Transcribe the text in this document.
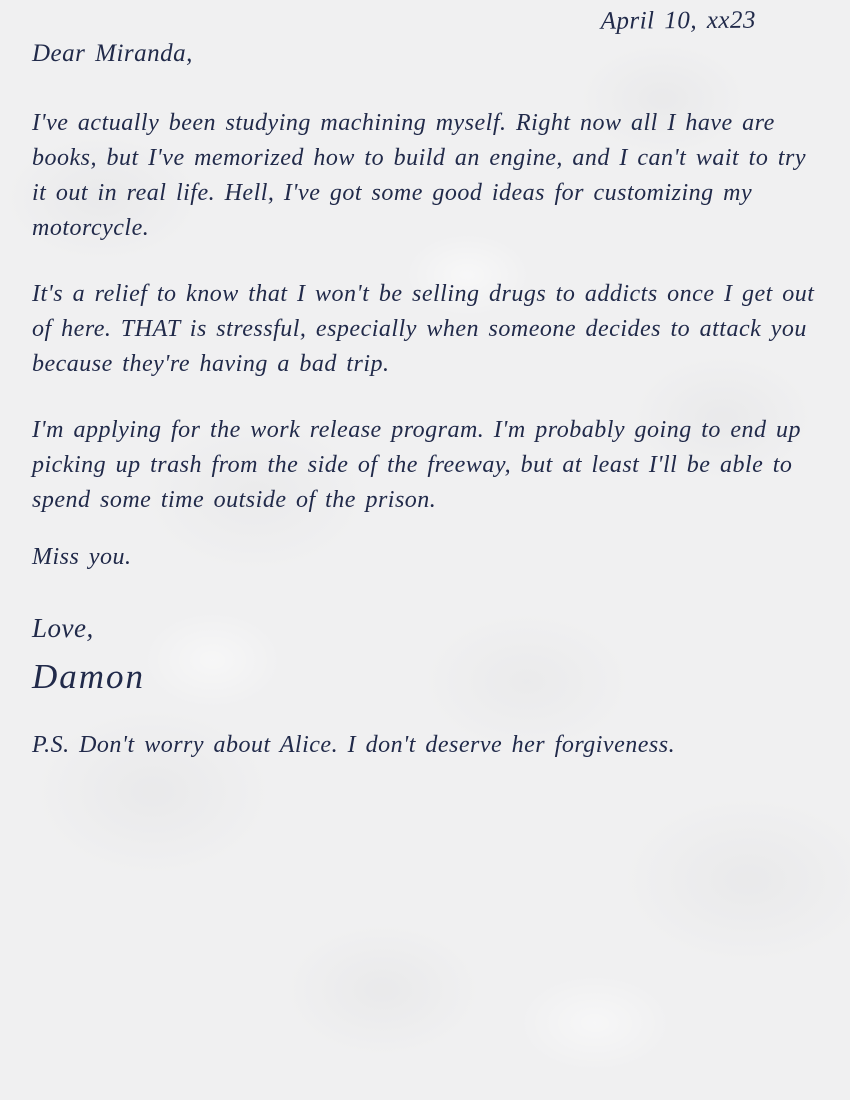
April 10, xx23
Dear Miranda,

I've actually been studying machining myself. Right now all I have are books, but I've memorized how to build an engine, and I can't wait to try it out in real life. Hell, I've got some good ideas for customizing my motorcycle.

It's a relief to know that I won't be selling drugs to addicts once I get out of here. THAT is stressful, especially when someone decides to attack you because they're having a bad trip.

I'm applying for the work release program. I'm probably going to end up picking up trash from the side of the freeway, but at least I'll be able to spend some time outside of the prison.

Miss you.

Love,
Damon

P.S. Don't worry about Alice. I don't deserve her forgiveness.
